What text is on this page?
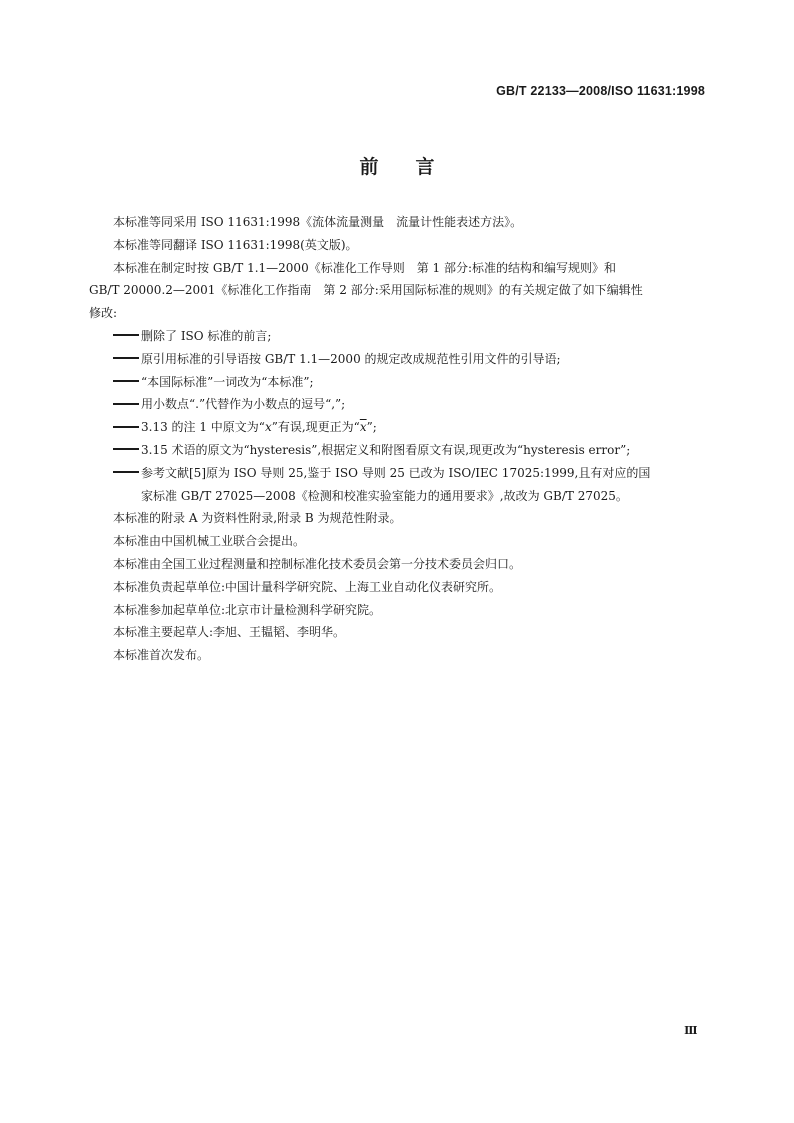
GB/T 22133—2008/ISO 11631:1998
前言

本标准等同采用 ISO 11631:1998《流体流量测量　流量计性能表述方法》。

本标准等同翻译 ISO 11631:1998(英文版)。

本标准在制定时按 GB/T 1.1—2000《标准化工作导则　第 1 部分:标准的结构和编写规则》和

GB/T 20000.2—2001《标准化工作指南　第 2 部分:采用国际标准的规则》的有关规定做了如下编辑性

修改:

删除了 ISO 标准的前言;
原引用标准的引导语按 GB/T 1.1—2000 的规定改成规范性引用文件的引导语;
“本国际标准”一词改为“本标准”;
用小数点“.”代替作为小数点的逗号“,”;
3.13 的注 1 中原文为“x”有误,现更正为“$\overline{x}$”;
3.15 术语的原文为“hysteresis”,根据定义和附图看原文有误,现更改为“hysteresis error”;
参考文献[5]原为 ISO 导则 25,鉴于 ISO 导则 25 已改为 ISO/IEC 17025:1999,且有对应的国
家标准 GB/T 27025—2008《检测和校准实验室能力的通用要求》,故改为 GB/T 27025。

本标准的附录 A 为资料性附录,附录 B 为规范性附录。

本标准由中国机械工业联合会提出。

本标准由全国工业过程测量和控制标准化技术委员会第一分技术委员会归口。

本标准负责起草单位:中国计量科学研究院、上海工业自动化仪表研究所。

本标准参加起草单位:北京市计量检测科学研究院。

本标准主要起草人:李旭、王韫韬、李明华。

本标准首次发布。

Ⅲ
